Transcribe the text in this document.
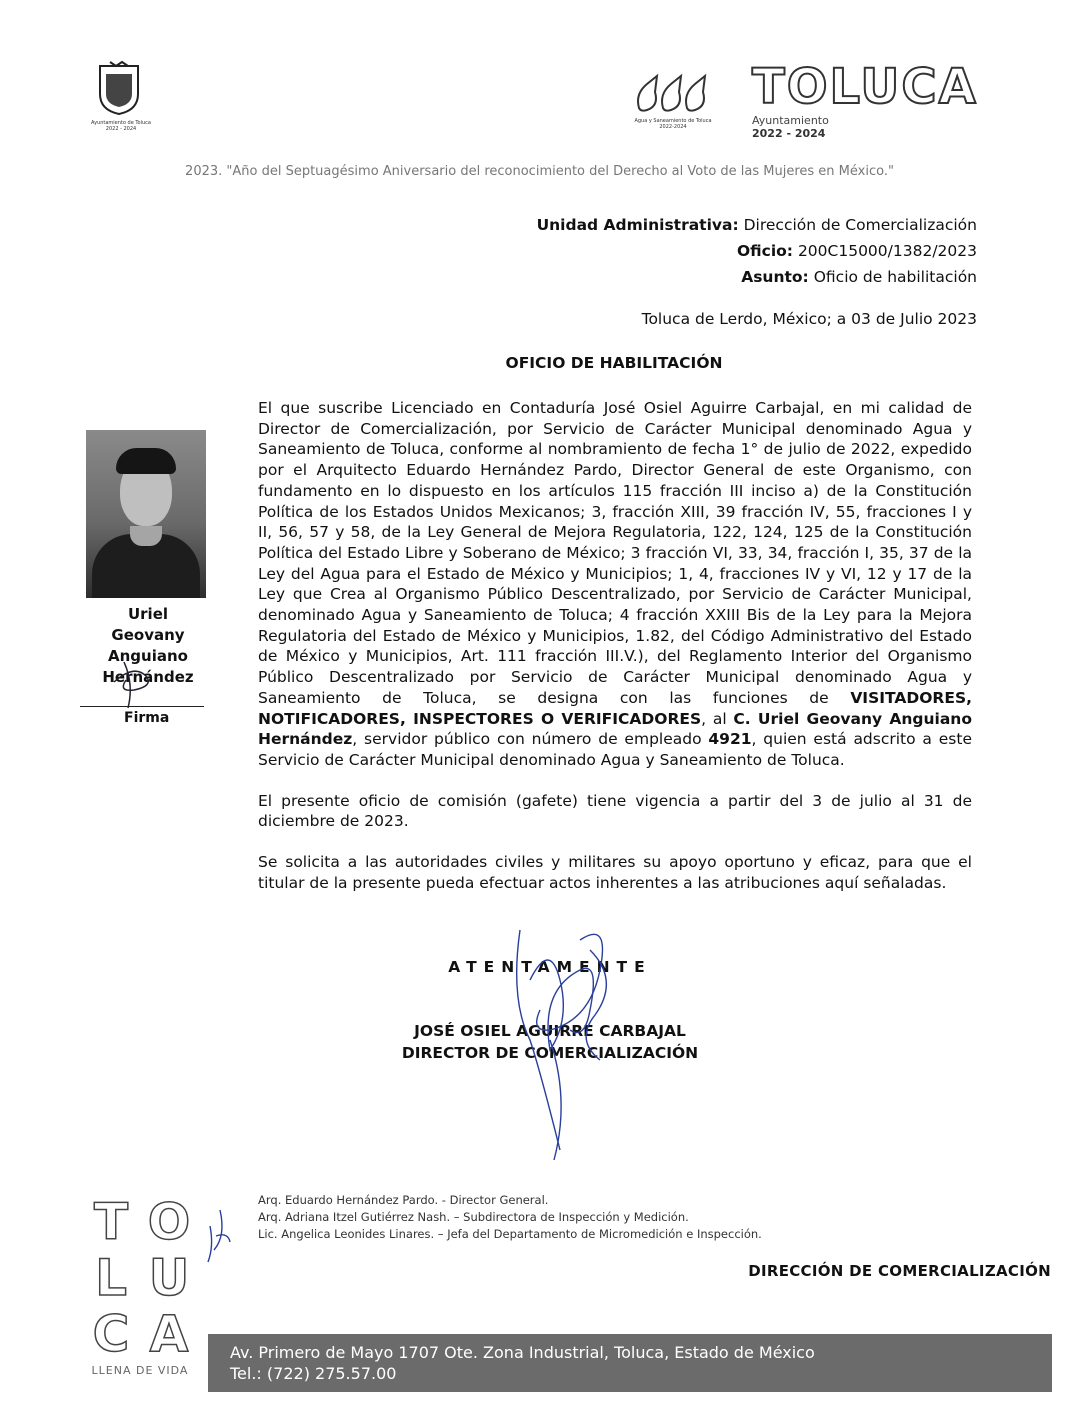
Ayuntamiento de Toluca
2022 - 2024
Agua y Saneamiento de Toluca
2022-2024
TOLUCA
Ayuntamiento
2022 - 2024
2023. "Año del Septuagésimo Aniversario del reconocimiento del Derecho al Voto de las Mujeres en México."
Unidad Administrativa: Dirección de Comercialización
Oficio: 200C15000/1382/2023
Asunto: Oficio de habilitación
Toluca de Lerdo, México; a 03 de Julio 2023
OFICIO DE HABILITACIÓN

El que suscribe Licenciado en Contaduría José Osiel Aguirre Carbajal, en mi calidad de Director de Comercialización, por Servicio de Carácter Municipal denominado Agua y Saneamiento de Toluca, conforme al nombramiento de fecha 1° de julio de 2022, expedido por el Arquitecto Eduardo Hernández Pardo, Director General de este Organismo, con fundamento en lo dispuesto en los artículos 115 fracción III inciso a) de la Constitución Política de los Estados Unidos Mexicanos; 3, fracción XIII, 39 fracción IV, 55, fracciones I y II, 56, 57 y 58, de la Ley General de Mejora Regulatoria, 122, 124, 125 de la Constitución Política del Estado Libre y Soberano de México; 3 fracción VI, 33, 34, fracción I, 35, 37 de la Ley del Agua para el Estado de México y Municipios; 1, 4, fracciones IV y VI, 12 y 17 de la Ley que Crea al Organismo Público Descentralizado, por Servicio de Carácter Municipal, denominado Agua y Saneamiento de Toluca; 4 fracción XXIII Bis de la Ley para la Mejora Regulatoria del Estado de México y Municipios, 1.82, del Código Administrativo del Estado de México y Municipios, Art. 111 fracción III.V.), del Reglamento Interior del Organismo Público Descentralizado por Servicio de Carácter Municipal denominado Agua y Saneamiento de Toluca, se designa con las funciones de VISITADORES, NOTIFICADORES, INSPECTORES O VERIFICADORES, al C. Uriel Geovany Anguiano Hernández, servidor público con número de empleado 4921, quien está adscrito a este Servicio de Carácter Municipal denominado Agua y Saneamiento de Toluca.

El presente oficio de comisión (gafete) tiene vigencia a partir del 3 de julio al 31 de diciembre de 2023.

Se solicita a las autoridades civiles y militares su apoyo oportuno y eficaz, para que el titular de la presente pueda efectuar actos inherentes a las atribuciones aquí señaladas.

Uriel
Geovany
Anguiano
Hernández
Firma
ATENTAMENTE
JOSÉ OSIEL AGUIRRE CARBAJAL
DIRECTOR DE COMERCIALIZACIÓN
Arq. Eduardo Hernández Pardo. - Director General.
Arq. Adriana Itzel Gutiérrez Nash. – Subdirectora de Inspección y Medición.
Lic. Angelica Leonides Linares. – Jefa del Departamento de Micromedición e Inspección.
DIRECCIÓN DE COMERCIALIZACIÓN
T O
L U
C A
LLENA DE VIDA
Av. Primero de Mayo 1707 Ote. Zona Industrial, Toluca, Estado de México
Tel.: (722) 275.57.00
